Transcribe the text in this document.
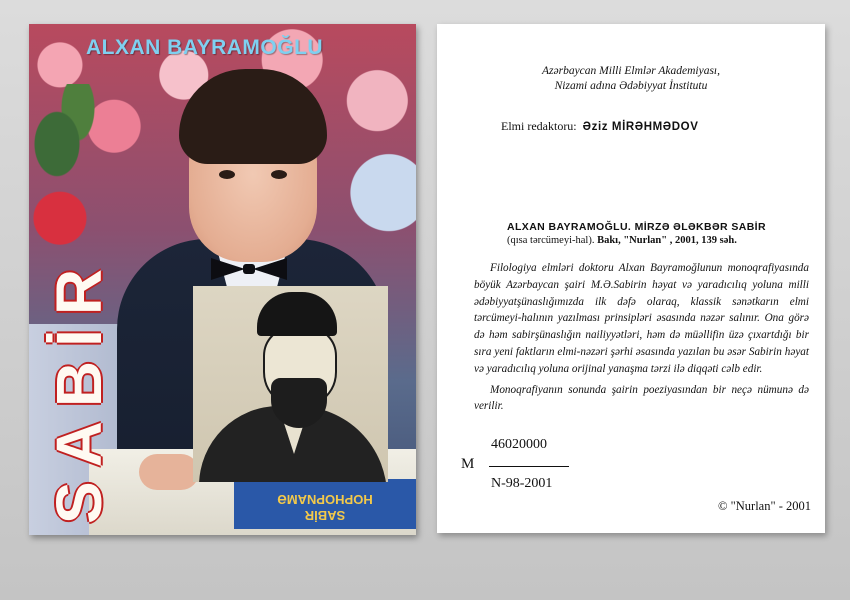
SABİR
HOPHOPNAMƏ
ALXAN BAYRAMOĞLU
Azərbaycan Milli Elmlər Akademiyası,
Nizami adına Ədəbiyyat İnstitutu
Elmi redaktoru: Əziz MİRƏHMƏDOV
ALXAN BAYRAMOĞLU. MİRZƏ ƏLƏKBƏR SABİR
(qısa tərcümeyi-hal). Bakı, "Nurlan" , 2001, 139 səh.

Filologiya elmləri doktoru Alxan Bayramoğlunun monoqrafiyasında böyük Azərbaycan şairi M.Ə.Sabirin həyat və yaradıcılıq yoluna milli ədəbiyyatşünaslığımızda ilk dəfə olaraq, klassik sənətkarın elmi tərcümeyi-halının yazılması prinsipləri əsasında nəzər salınır. Ona görə də həm sabirşünaslığın nailiyyətləri, həm də müəllifin üzə çıxartdığı bir sıra yeni faktların elmi-nəzəri şərhi əsasında yazılan bu əsər Sabirin həyat və yaradıcılıq yoluna orijinal yanaşma tərzi ilə diqqəti cəlb edir.

Monoqrafiyanın sonunda şairin poeziyasından bir neçə nümunə də verilir.

M
46020000
N-98-2001
© "Nurlan" - 2001
